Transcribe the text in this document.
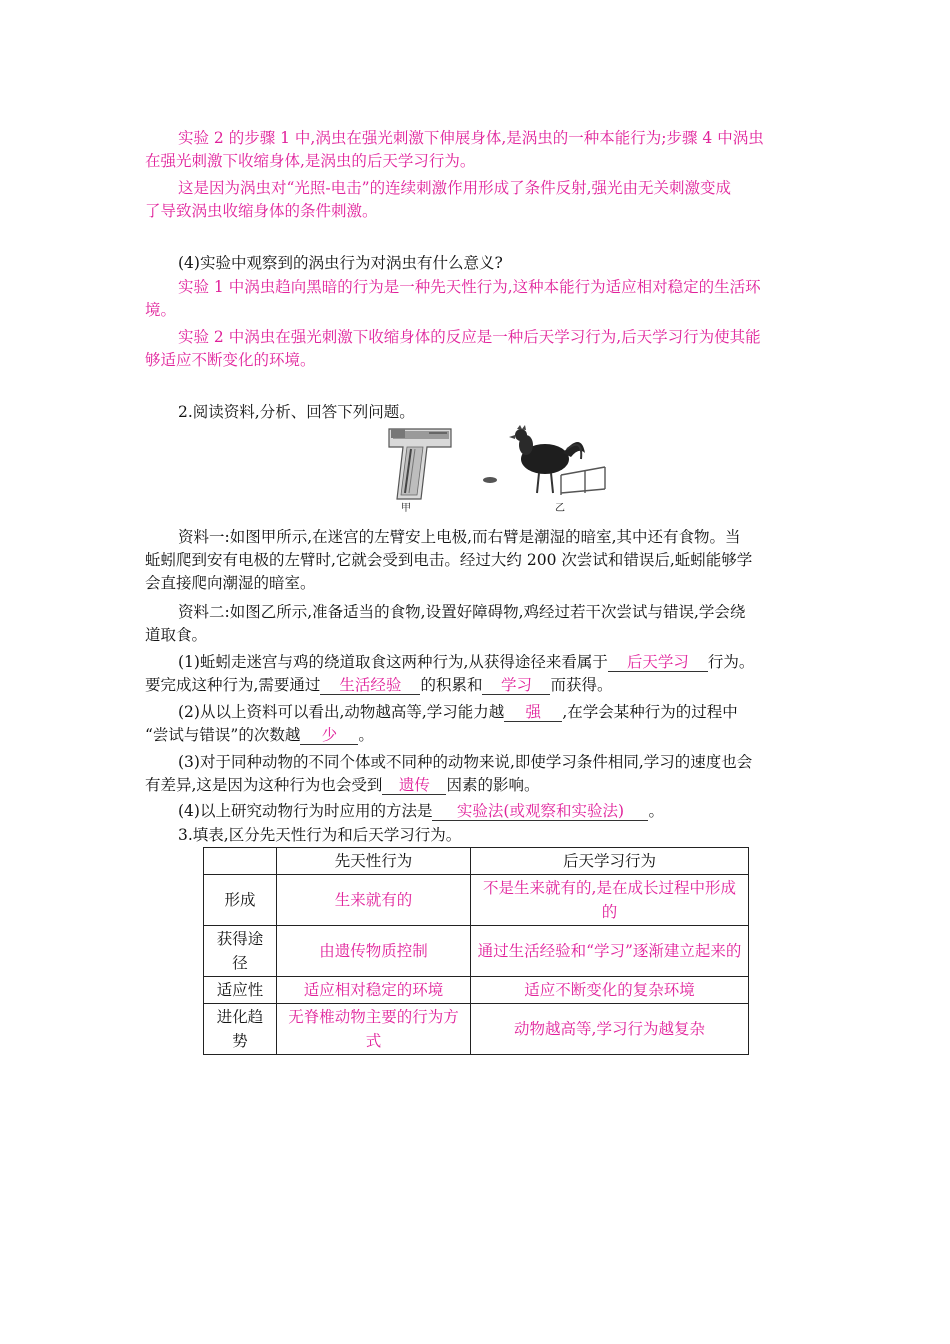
实验 2 的步骤 1 中,涡虫在强光刺激下伸展身体,是涡虫的一种本能行为;步骤 4 中涡虫
在强光刺激下收缩身体,是涡虫的后天学习行为。
这是因为涡虫对“光照-电击”的连续刺激作用形成了条件反射,强光由无关刺激变成
了导致涡虫收缩身体的条件刺激。
(4)实验中观察到的涡虫行为对涡虫有什么意义?
实验 1 中涡虫趋向黑暗的行为是一种先天性行为,这种本能行为适应相对稳定的生活环
境。
实验 2 中涡虫在强光刺激下收缩身体的反应是一种后天学习行为,后天学习行为使其能
够适应不断变化的环境。
2.阅读资料,分析、回答下列问题。
甲	乙
资料一:如图甲所示,在迷宫的左臂安上电极,而右臂是潮湿的暗室,其中还有食物。当
蚯蚓爬到安有电极的左臂时,它就会受到电击。经过大约 200 次尝试和错误后,蚯蚓能够学
会直接爬向潮湿的暗室。
资料二:如图乙所示,准备适当的食物,设置好障碍物,鸡经过若干次尝试与错误,学会绕
道取食。
(1)蚯蚓走迷宫与鸡的绕道取食这两种行为,从获得途径来看属于 后天学习 行为。
要完成这种行为,需要通过 生活经验 的积累和 学习 而获得。
(2)从以上资料可以看出,动物越高等,学习能力越 强 ,在学会某种行为的过程中
“尝试与错误”的次数越 少 。
(3)对于同种动物的不同个体或不同种的动物来说,即使学习条件相同,学习的速度也会
有差异,这是因为这种行为也会受到 遗传 因素的影响。
(4)以上研究动物行为时应用的方法是 实验法(或观察和实验法) 。
3.填表,区分先天性行为和后天学习行为。
	先天性行为	后天学习行为
形成	生来就有的	不是生来就有的,是在成长过程中形成的
获得途径	由遗传物质控制	通过生活经验和“学习”逐渐建立起来的
适应性	适应相对稳定的环境	适应不断变化的复杂环境
进化趋势	无脊椎动物主要的行为方式	动物越高等,学习行为越复杂
